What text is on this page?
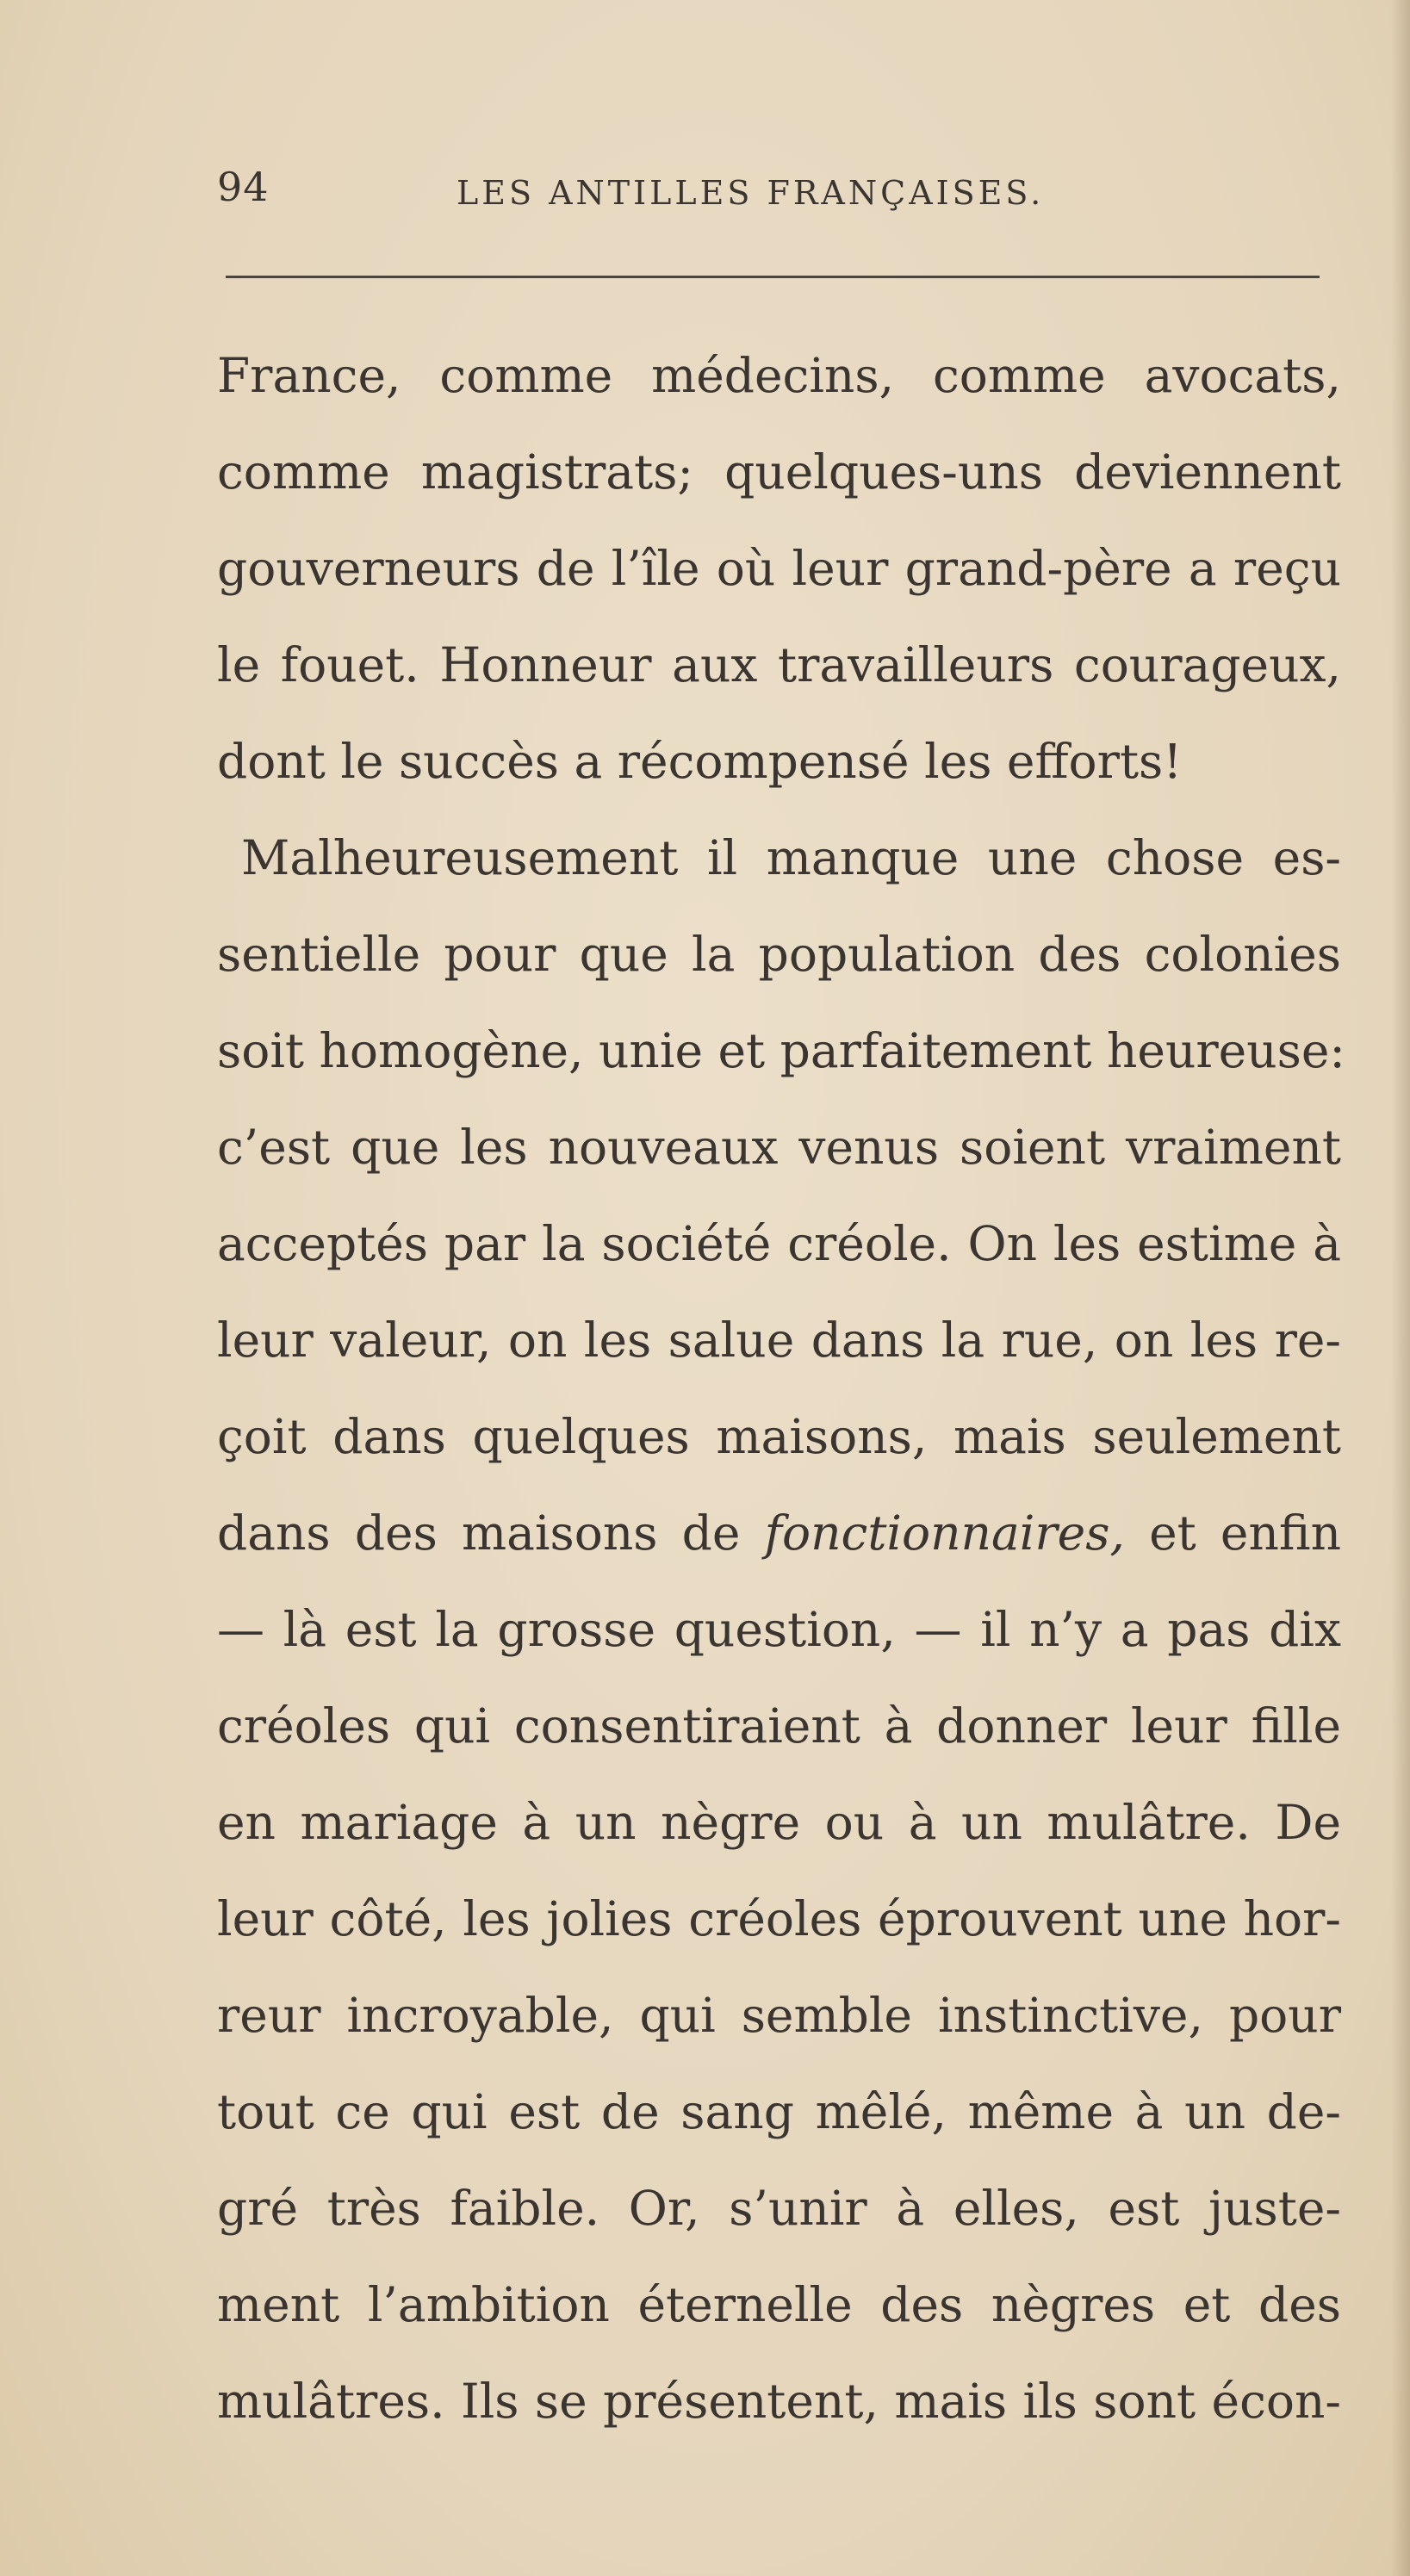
94	LES ANTILLES FRANÇAISES.
France, comme médecins, comme avocats,
comme magistrats; quelques-uns deviennent
gouverneurs de l’île où leur grand-père a reçu
le fouet. Honneur aux travailleurs courageux,
dont le succès a récompensé les efforts!
Malheureusement il manque une chose es-
sentielle pour que la population des colonies
soit homogène, unie et parfaitement heureuse:
c’est que les nouveaux venus soient vraiment
acceptés par la société créole. On les estime à
leur valeur, on les salue dans la rue, on les re-
çoit dans quelques maisons, mais seulement
dans des maisons de fonctionnaires, et enfin
— là est la grosse question, — il n’y a pas dix
créoles qui consentiraient à donner leur fille
en mariage à un nègre ou à un mulâtre. De
leur côté, les jolies créoles éprouvent une hor-
reur incroyable, qui semble instinctive, pour
tout ce qui est de sang mêlé, même à un de-
gré très faible. Or, s’unir à elles, est juste-
ment l’ambition éternelle des nègres et des
mulâtres. Ils se présentent, mais ils sont écon-
